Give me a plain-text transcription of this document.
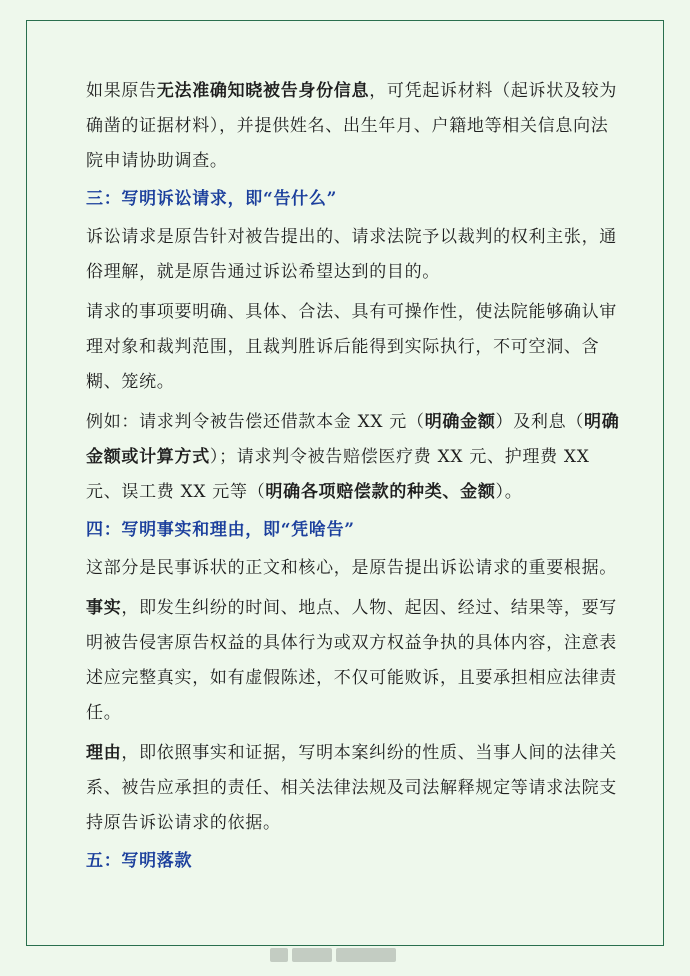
如果原告无法准确知晓被告身份信息，可凭起诉材料（起诉状及较为确凿的证据材料），并提供姓名、出生年月、户籍地等相关信息向法院申请协助调查。

三：写明诉讼请求，即“告什么”

诉讼请求是原告针对被告提出的、请求法院予以裁判的权利主张，通俗理解，就是原告通过诉讼希望达到的目的。

请求的事项要明确、具体、合法、具有可操作性，使法院能够确认审理对象和裁判范围，且裁判胜诉后能得到实际执行，不可空洞、含糊、笼统。

例如：请求判令被告偿还借款本金 XX 元（明确金额）及利息（明确金额或计算方式）；请求判令被告赔偿医疗费 XX 元、护理费 XX 元、误工费 XX 元等（明确各项赔偿款的种类、金额）。

四：写明事实和理由，即“凭啥告”

这部分是民事诉状的正文和核心，是原告提出诉讼请求的重要根据。

事实，即发生纠纷的时间、地点、人物、起因、经过、结果等，要写明被告侵害原告权益的具体行为或双方权益争执的具体内容，注意表述应完整真实，如有虚假陈述，不仅可能败诉，且要承担相应法律责任。

理由，即依照事实和证据，写明本案纠纷的性质、当事人间的法律关系、被告应承担的责任、相关法律法规及司法解释规定等请求法院支持原告诉讼请求的依据。

五：写明落款
